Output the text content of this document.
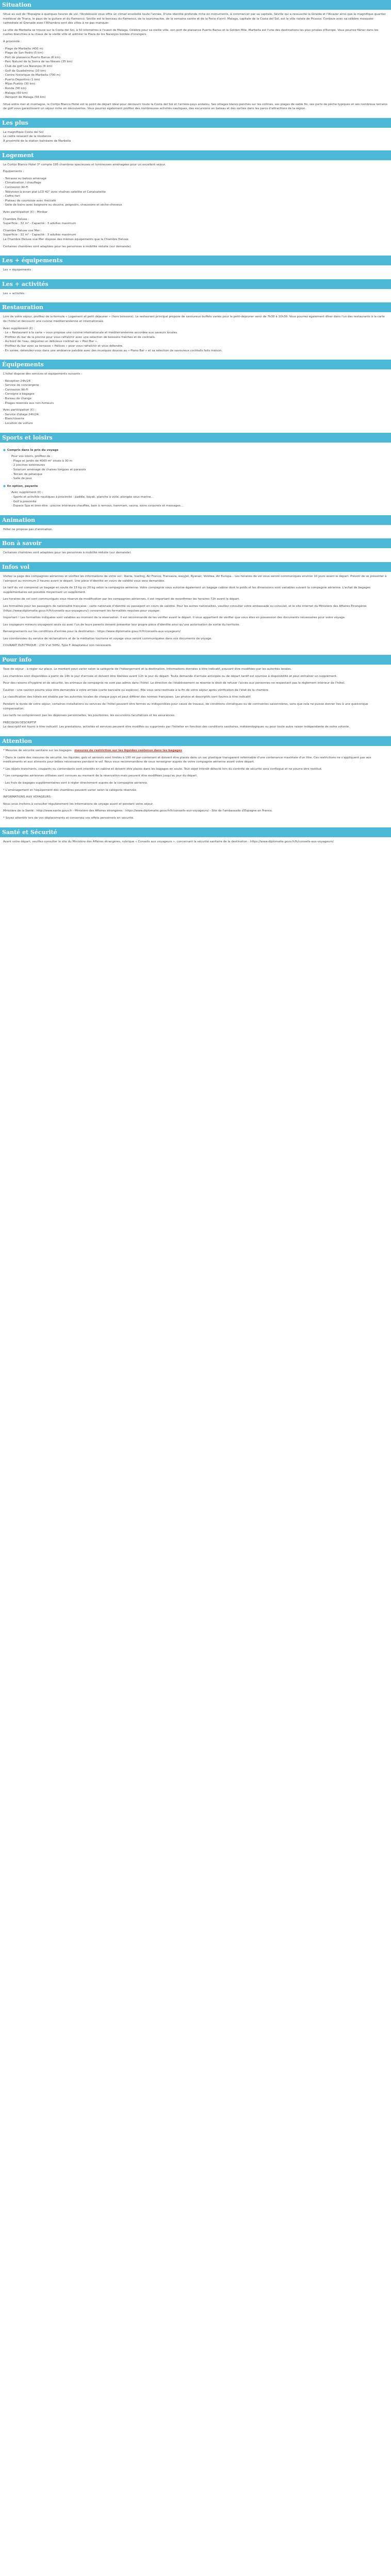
Situation

Situé au sud de l'Espagne à quelques heures de vol, l'Andalousie vous offre un climat ensoleillé toute l'année. D'une identité profonde riche en monuments, à commencer par sa capitale, Séville qui a ressuscité la Giralda et l'Alcazar ainsi que le magnifique quartier médiéval de Triana, le pays de la guitare et du flamenco. Séville est le berceau du flamenco, de la tauromachie, de la semaine sainte et de la Feria d'avril. Malaga, capitale de la Costa del Sol, est la ville natale de Picasso. Cordoue avec sa célèbre mosquée-cathédrale et Grenade avec l'Alhambra sont des villes à ne pas manquer.

La ville de Marbella se trouve sur la Costa del Sol, à 50 kilomètres à l'ouest de Malaga. Célèbre pour sa vieille ville, son port de plaisance Puerto Banus et le Golden Mile, Marbella est l'une des destinations les plus prisées d'Europe. Vous pourrez flâner dans les ruelles blanchies à la chaux de la vieille ville et admirer la Plaza de los Naranjos bordée d'orangers.

À proximité :

- Plage de Marbella (400 m)
- Plage de San Pedro (5 km)
- Port de plaisance Puerto Banus (6 km)
- Parc Naturel de la Sierra de las Nieves (35 km)
- Club de golf Los Naranjos (8 km)
- Golf de Guadalmina (10 km)
- Centre historique de Marbella (700 m)
- Puerto Deportivo (1 km)
- Mijas Pueblo (30 km)
- Ronda (58 km)
- Malaga (60 km)
- Aéroport de Malaga (56 km)

Situé entre mer et montagne, le Cortijo Blanco Hotel est le point de départ idéal pour découvrir toute la Costa del Sol et l'arrière-pays andalou. Ses villages blancs perchés sur les collines, ses plages de sable fin, ses ports de pêche typiques et ses nombreux terrains de golf vous garantissent un séjour riche en découvertes. Vous pourrez également profiter des nombreuses activités nautiques, des excursions en bateau et des sorties dans les parcs d'attractions de la région.

Les plus
La magnifique Costa del Sol
Le cadre relaxant de la résidence
À proximité de la station balnéaire de Marbella
Logement

Le Cortijo Blanco Hotel 3* compte 195 chambres spacieuses et lumineuses aménagées pour un excellent séjour.

Équipements :

- Terrasse ou balcon aménagé
- Climatisation / chauffage
- Connexion Wi-Fi
- Télévision à écran plat LCD 42" avec chaînes satellite et Canalsatelite
- Coffre-fort
- Plateau de courtoisie avec thé/café
- Salle de bains avec baignoire ou douche, peignoirs, chaussons et sèche-cheveux

Avec participation (€) : Minibar

Chambre Deluxe :

Superficie : 32 m² - Capacité : 3 adultes maximum

Chambre Deluxe vue Mer :

Superficie : 32 m² - Capacité : 3 adultes maximum

La Chambre Deluxe vue Mer dispose des mêmes équipements que la Chambre Deluxe.

Certaines chambres sont adaptées pour les personnes à mobilité réduite (sur demande).

Les + équipements

Les + équipements :

Les + activités

Les + activités :

Restauration

Lors de votre séjour, profitez de la formule « Logement et petit déjeuner » (hors boissons). Le restaurant principal propose de savoureux buffets variés pour le petit-déjeuner servi de 7h30 à 10h30. Vous pourrez également dîner dans l'un des restaurants à la carte de l'hôtel et découvrir une cuisine méditerranéenne et internationale.

Avec supplément (€) :

- Le « Restaurant à la carte » vous propose une cuisine internationale et méditerranéenne accordée aux saveurs locales.

- Profitez du bar de la piscine pour vous rafraîchir avec une sélection de boissons fraîches et de cocktails.

- Au bord de l'eau, dégustez un délicieux cocktail au « Pool Bar ».

- Profitez du bar avec sa terrasse « Hélices » pour vous rafraîchir et vous détendre.

- En soirée, détendez-vous dans une ambiance paisible avec des musiques douces au « Piano Bar » et sa sélection de savoureux cocktails faits maison.

Équipements

L'hôtel dispose des services et équipements suivants :

- Réception 24h/24
- Service de conciergerie
- Connexion Wi-Fi
- Consigne à bagages
- Bureau de change
- Étages réservés aux non-fumeurs

Avec participation (€) :

- Service d'étage 24h/24
- Blanchisserie
- Location de voiture
Sports et loisirs
● Compris dans le prix du voyage

Pour vos loisirs, profitez de :

- Plage et jardin de 4000 m² situés à 30 m
- 2 piscines extérieures
- Solarium aménagé de chaises longues et parasols
- Terrain de pétanque
- Salle de jeux
● En option, payante

Avec supplément (€) :

- Sports et activités nautiques à proximité : paddle, kayak, planche à voile, plongée sous-marine...
- Golf à proximité
- Espace Spa et bien-être : piscine intérieure chauffée, bain à remous, hammam, sauna, soins corporels et massages...
Animation

Hôtel ne propose pas d'animation.

Bon à savoir

Certaines chambres sont adaptées pour les personnes à mobilité réduite (sur demande).

Infos vol

Visitez la page des compagnies aériennes et vérifiez les informations de votre vol : Iberia, Vueling, Air France, Transavia, easyJet, Ryanair, Volotea, Air Europa... Les horaires de vol vous seront communiqués environ 10 jours avant le départ. Prévoir de se présenter à l'aéroport au minimum 2 heures avant le départ. Une pièce d'identité en cours de validité vous sera demandée.

Le tarif du vol comprend un bagage en soute de 15 kg ou 20 kg selon la compagnie aérienne. Votre compagnie vous autorise également un bagage cabine dont le poids et les dimensions sont variables suivant la compagnie aérienne. L'achat de bagages supplémentaires est possible moyennant un supplément.

Les horaires de vol sont communiqués sous réserve de modification par les compagnies aériennes, il est important de reconfirmer les horaires 72h avant le départ.

Les formalités pour les passagers de nationalité française : carte nationale d'identité ou passeport en cours de validité. Pour les autres nationalités, veuillez consulter votre ambassade ou consulat, et le site internet du Ministère des Affaires Étrangères (https://www.diplomatie.gouv.fr/fr/conseils-aux-voyageurs/) concernant les formalités requises pour voyager.

Important ! Les formalités indiquées sont valables au moment de la réservation. Il est recommandé de les vérifier avant le départ. Il vous appartient de vérifier que vous êtes en possession des documents nécessaires pour votre voyage.

Les voyageurs mineurs voyageant seuls ou avec l'un de leurs parents doivent présenter leur propre pièce d'identité ainsi qu'une autorisation de sortie du territoire.

Renseignements sur les conditions d'entrée pour la destination : https://www.diplomatie.gouv.fr/fr/conseils-aux-voyageurs/

Les coordonnées du service de réclamations et de la médiation tourisme et voyage vous seront communiquées dans vos documents de voyage.

COURANT ÉLECTRIQUE : 230 V et 50Hz. Type F. Adaptateur non nécessaire.

Pour info

Taxe de séjour : à régler sur place. Le montant peut varier selon la catégorie de l'hébergement et la destination. Informations données à titre indicatif, pouvant être modifiées par les autorités locales.

Les chambres sont disponibles à partir de 14h le jour d'arrivée et doivent être libérées avant 12h le jour du départ. Toute demande d'arrivée anticipée ou de départ tardif est soumise à disponibilité et peut entraîner un supplément.

Pour des raisons d'hygiène et de sécurité, les animaux de compagnie ne sont pas admis dans l'hôtel. La direction de l'établissement se réserve le droit de refuser l'accès aux personnes ne respectant pas le règlement intérieur de l'hôtel.

Caution : une caution pourra vous être demandée à votre arrivée (carte bancaire ou espèces). Elle vous sera restituée à la fin de votre séjour après vérification de l'état de la chambre.

La classification des hôtels est établie par les autorités locales de chaque pays et peut différer des normes françaises. Les photos et descriptifs sont fournis à titre indicatif.

Pendant la durée de votre séjour, certaines installations ou services de l'hôtel peuvent être fermés ou indisponibles pour cause de travaux, de conditions climatiques ou de contraintes saisonnières, sans que cela ne puisse donner lieu à une quelconque compensation.

Les tarifs ne comprennent pas les dépenses personnelles, les pourboires, les excursions facultatives et les assurances.

PRÉCISION DESCRIPTIF

Le descriptif est fourni à titre indicatif. Les prestations, activités et services peuvent être modifiés ou supprimés par l'hôtelier en fonction des conditions sanitaires, météorologiques ou pour toute autre raison indépendante de notre volonté.

Attention

* Mesures de sécurité sanitaire sur les bagages : mesures de restriction sur les liquides contenus dans les bagages

* Dans le cadre des mesures de sécurité, les liquides, gels et aérosols sont limités à 100 ml par contenant et doivent être placés dans un sac plastique transparent refermable d'une contenance maximale d'un litre. Ces restrictions ne s'appliquent pas aux médicaments et aux aliments pour bébés nécessaires pendant le vol. Nous vous recommandons de vous renseigner auprès de votre compagnie aérienne avant votre départ.

* Les objets tranchants, coupants ou contondants sont interdits en cabine et doivent être placés dans les bagages en soute. Tout objet interdit détecté lors du contrôle de sécurité sera confisqué et ne pourra être restitué.

* Les compagnies aériennes utilisées sont connues au moment de la réservation mais peuvent être modifiées jusqu'au jour du départ.

- Les frais de bagages supplémentaires sont à régler directement auprès de la compagnie aérienne.

* L'aménagement et l'équipement des chambres peuvent varier selon la catégorie réservée.

INFORMATIONS AUX VOYAGEURS :

Nous vous invitons à consulter régulièrement les informations de voyage avant et pendant votre séjour.

Ministère de la Santé : http://www.sante.gouv.fr - Ministère des Affaires étrangères : https://www.diplomatie.gouv.fr/fr/conseils-aux-voyageurs/ - Site de l'ambassade d'Espagne en France.

* Soyez attentifs lors de vos déplacements et conservez vos effets personnels en sécurité.

Santé et Sécurité

Avant votre départ, veuillez consulter le site du Ministère des Affaires étrangères, rubrique « Conseils aux voyageurs », concernant la sécurité sanitaire de la destination : https://www.diplomatie.gouv.fr/fr/conseils-aux-voyageurs/
